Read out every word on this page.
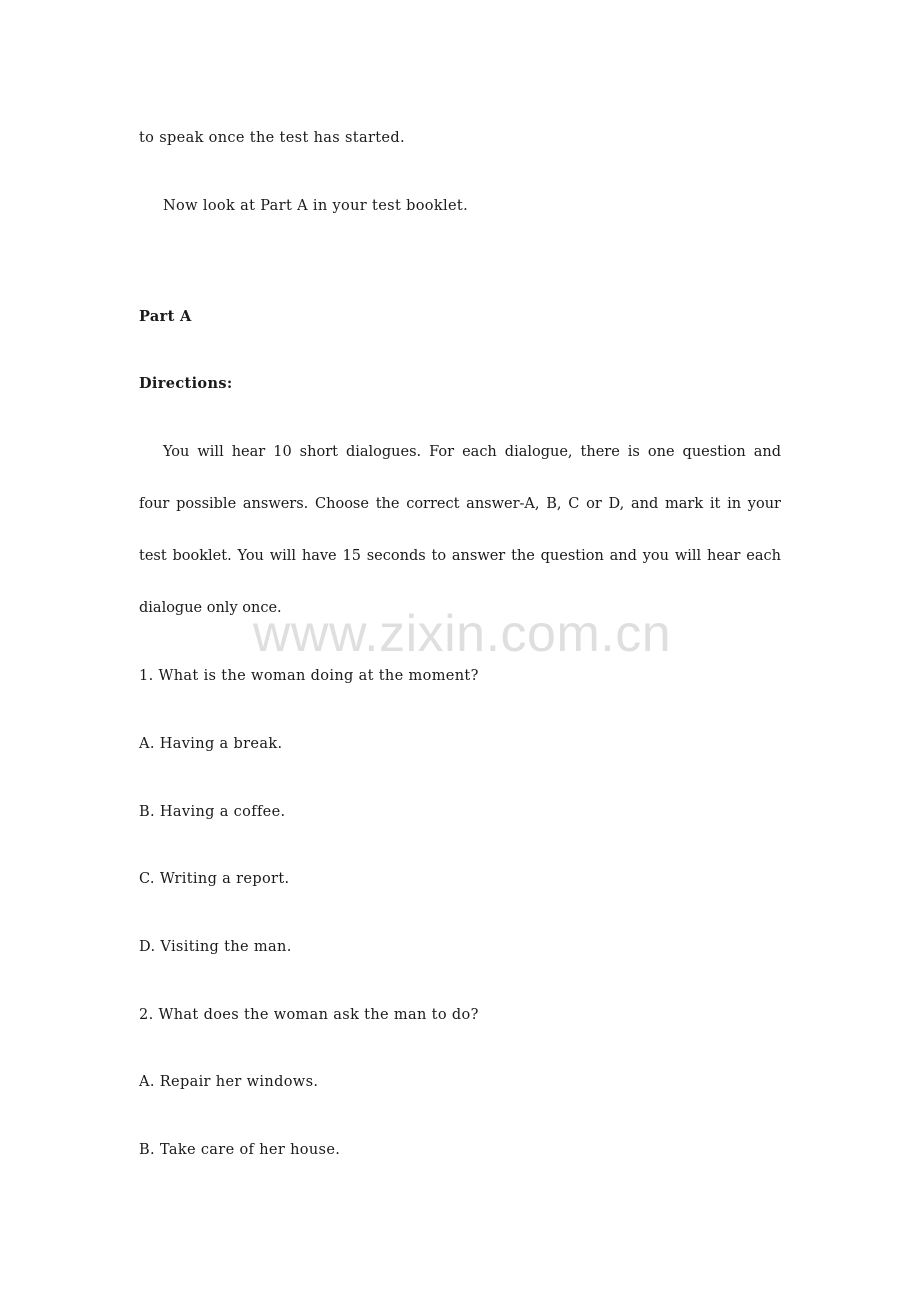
to speak once the test has started.
Now look at Part A in your test booklet.
Part A
Directions:
You will hear 10 short dialogues. For each dialogue, there is one question and
four possible answers. Choose the correct answer-A, B, C or D, and mark it in your
test booklet. You will have 15 seconds to answer the question and you will hear each
dialogue only once.
www.zixin.com.cn
1. What is the woman doing at the moment?
A. Having a break.
B. Having a coffee.
C. Writing a report.
D. Visiting the man.
2. What does the woman ask the man to do?
A. Repair her windows.
B. Take care of her house.
